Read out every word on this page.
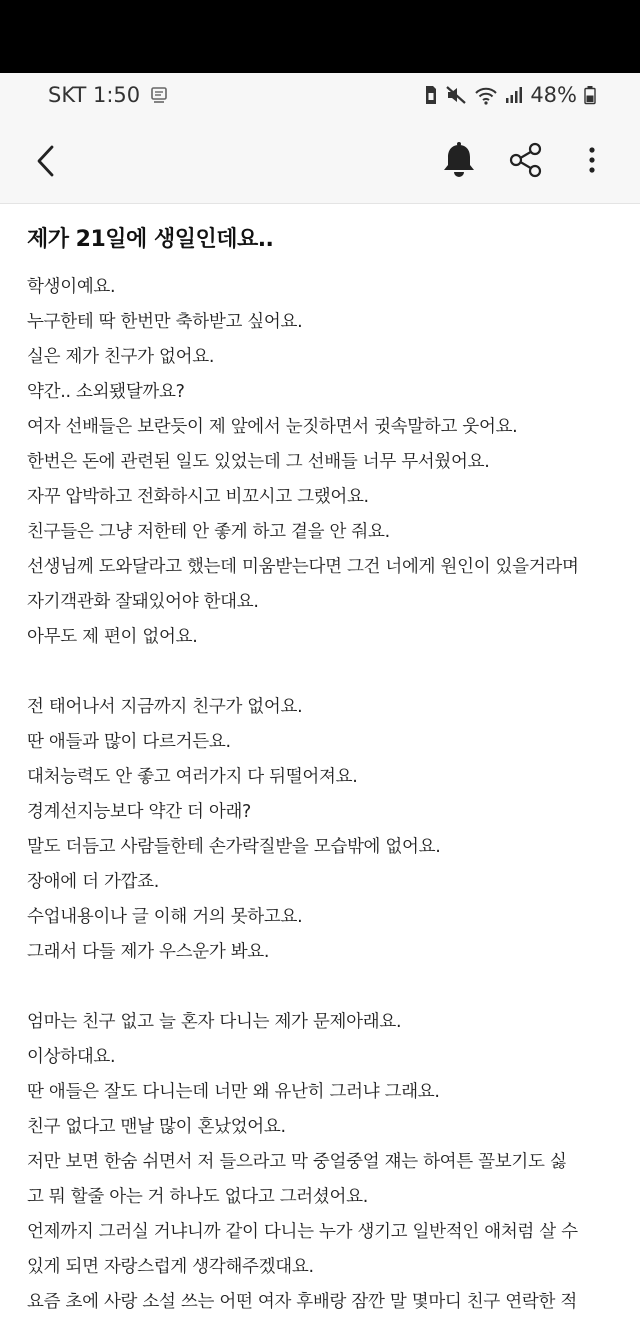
SKT 1:50	48%
제가 21일에 생일인데요..
학생이예요.
누구한테 딱 한번만 축하받고 싶어요.
실은 제가 친구가 없어요.
약간.. 소외됐달까요?
여자 선배들은 보란듯이 제 앞에서 눈짓하면서 귓속말하고 웃어요.
한번은 돈에 관련된 일도 있었는데 그 선배들 너무 무서웠어요.
자꾸 압박하고 전화하시고 비꼬시고 그랬어요.
친구들은 그냥 저한테 안 좋게 하고 곁을 안 줘요.
선생님께 도와달라고 했는데 미움받는다면 그건 너에게 원인이 있을거라며
자기객관화 잘돼있어야 한대요.
아무도 제 편이 없어요.
전 태어나서 지금까지 친구가 없어요.
딴 애들과 많이 다르거든요.
대처능력도 안 좋고 여러가지 다 뒤떨어져요.
경계선지능보다 약간 더 아래?
말도 더듬고 사람들한테 손가락질받을 모습밖에 없어요.
장애에 더 가깝죠.
수업내용이나 글 이해 거의 못하고요.
그래서 다들 제가 우스운가 봐요.
엄마는 친구 없고 늘 혼자 다니는 제가 문제아래요.
이상하대요.
딴 애들은 잘도 다니는데 너만 왜 유난히 그러냐 그래요.
친구 없다고 맨날 많이 혼났었어요.
저만 보면 한숨 쉬면서 저 들으라고 막 중얼중얼 쟤는 하여튼 꼴보기도 싫
고 뭐 할줄 아는 거 하나도 없다고 그러셨어요.
언제까지 그러실 거냐니까 같이 다니는 누가 생기고 일반적인 애처럼 살 수
있게 되면 자랑스럽게 생각해주겠대요.
요즘 초에 사랑 소설 쓰는 어떤 여자 후배랑 잠깐 말 몇마디 친구 연락한 적
